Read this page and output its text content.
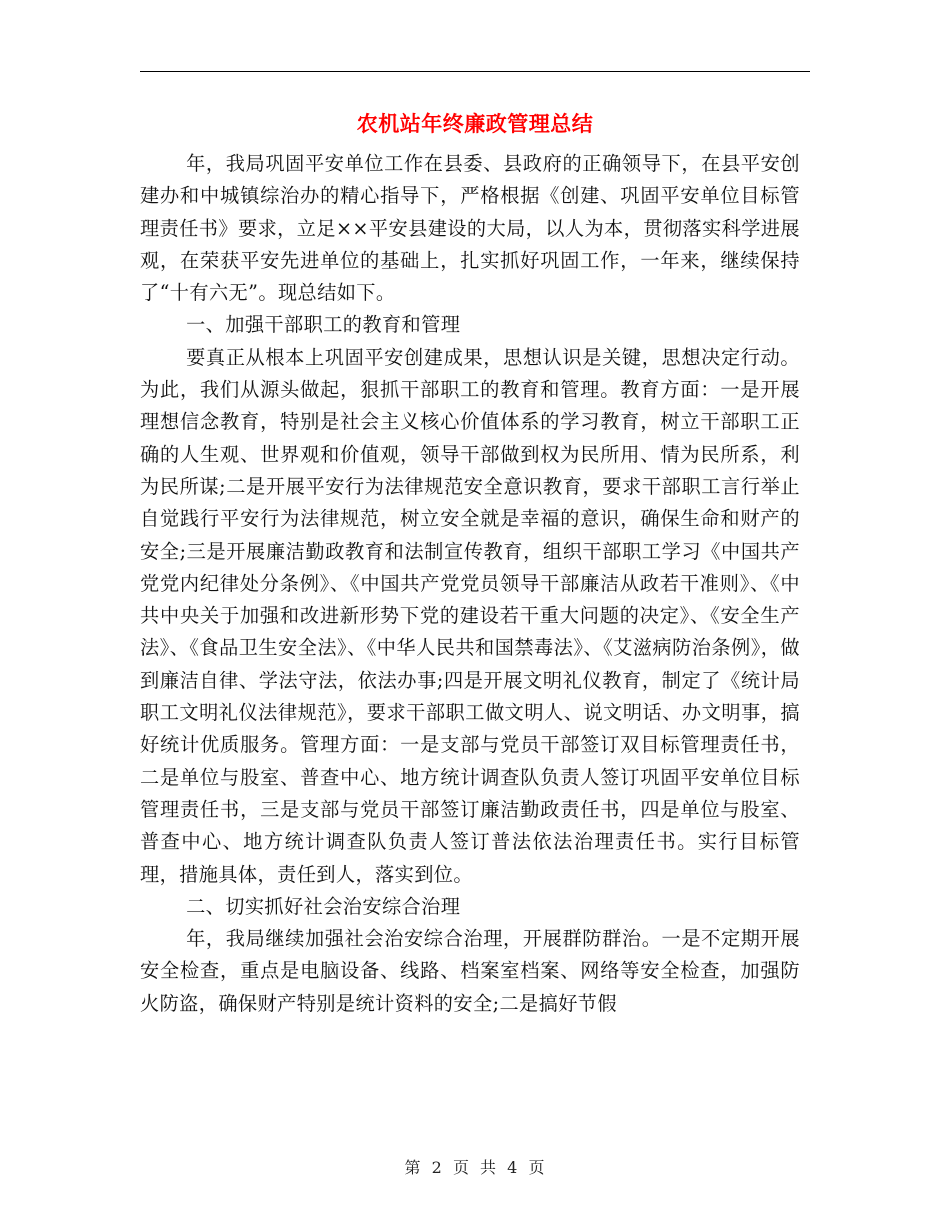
农机站年终廉政管理总结

年，我局巩固平安单位工作在县委、县政府的正确领导下，在县平安创建办和中城镇综治办的精心指导下，严格根据《创建、巩固平安单位目标管理责任书》要求，立足××平安县建设的大局，以人为本，贯彻落实科学进展观，在荣获平安先进单位的基础上，扎实抓好巩固工作，一年来，继续保持了“十有六无”。现总结如下。

一、加强干部职工的教育和管理

要真正从根本上巩固平安创建成果，思想认识是关键，思想决定行动。为此，我们从源头做起，狠抓干部职工的教育和管理。教育方面：一是开展理想信念教育，特别是社会主义核心价值体系的学习教育，树立干部职工正确的人生观、世界观和价值观，领导干部做到权为民所用、情为民所系，利为民所谋;二是开展平安行为法律规范安全意识教育，要求干部职工言行举止自觉践行平安行为法律规范，树立安全就是幸福的意识，确保生命和财产的安全;三是开展廉洁勤政教育和法制宣传教育，组织干部职工学习《中国共产党党内纪律处分条例》、《中国共产党党员领导干部廉洁从政若干准则》、《中共中央关于加强和改进新形势下党的建设若干重大问题的决定》、《安全生产法》、《食品卫生安全法》、《中华人民共和国禁毒法》、《艾滋病防治条例》，做到廉洁自律、学法守法，依法办事;四是开展文明礼仪教育，制定了《统计局职工文明礼仪法律规范》，要求干部职工做文明人、说文明话、办文明事，搞好统计优质服务。管理方面：一是支部与党员干部签订双目标管理责任书，二是单位与股室、普查中心、地方统计调查队负责人签订巩固平安单位目标管理责任书，三是支部与党员干部签订廉洁勤政责任书，四是单位与股室、普查中心、地方统计调查队负责人签订普法依法治理责任书。实行目标管理，措施具体，责任到人，落实到位。

二、切实抓好社会治安综合治理

年，我局继续加强社会治安综合治理，开展群防群治。一是不定期开展安全检查，重点是电脑设备、线路、档案室档案、网络等安全检查，加强防火防盗，确保财产特别是统计资料的安全;二是搞好节假

第 2 页 共 4 页
